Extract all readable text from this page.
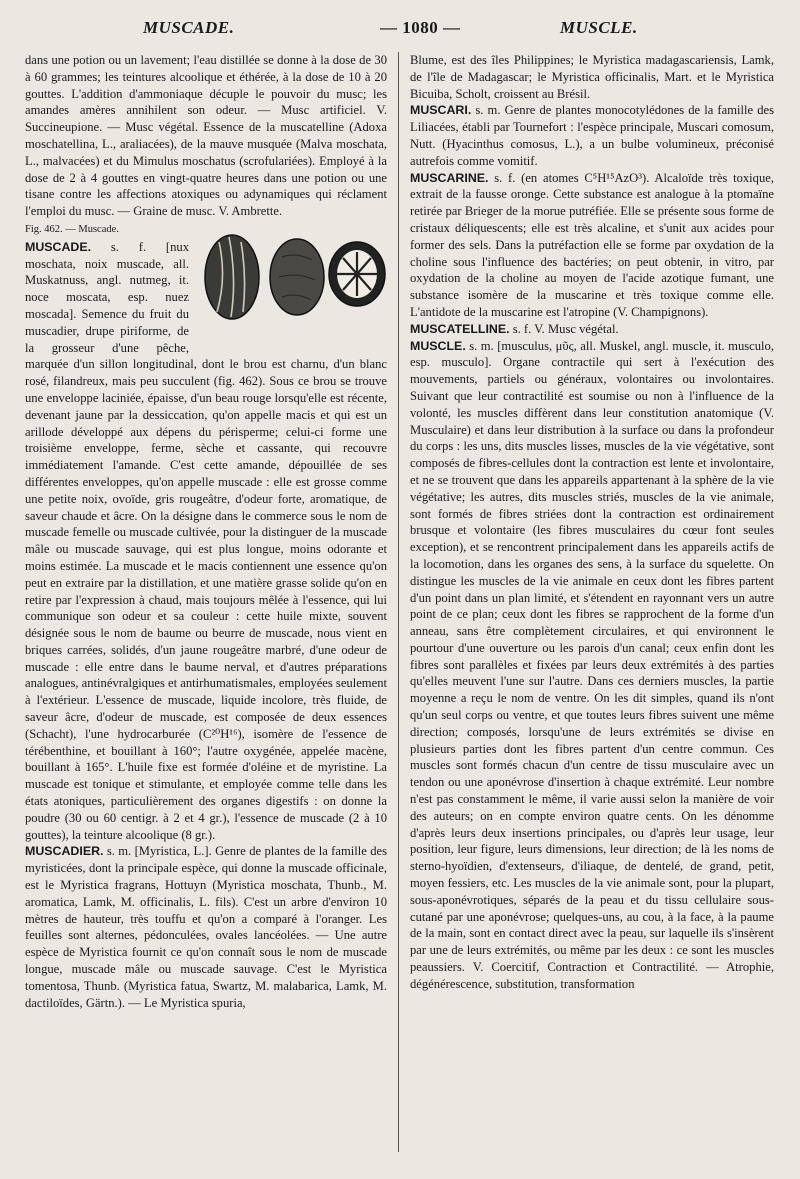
MUSCADE.	— 1080 —	MUSCLE.

dans une potion ou un lavement; l'eau distillée se donne à la dose de 30 à 60 grammes; les teintures alcoolique et éthérée, à la dose de 10 à 20 gouttes. L'addition d'ammoniaque décuple le pouvoir du musc; les amandes amères annihilent son odeur. — Musc artificiel. V. Succineupione. — Musc végétal. Essence de la muscatelline (Adoxa moschatellina, L., araliacées), de la mauve musquée (Malva moschata, L., malvacées) et du Mimulus moschatus (scrofulariées). Employé à la dose de 2 à 4 gouttes en vingt-quatre heures dans une potion ou une tisane contre les affections atoxiques ou adynamiques qui réclament l'emploi du musc. — Graine de musc. V. Ambrette.

Fig. 462. — Muscade.
MUSCADE. s. f. [nux moschata, noix muscade, all. Muskatnuss, angl. nutmeg, it. noce moscata, esp. nuez moscada]. Semence du fruit du muscadier, drupe piriforme, de la grosseur d'une pêche, marquée d'un sillon longitudinal, dont le brou est charnu, d'un blanc rosé, filandreux, mais peu succulent (fig. 462). Sous ce brou se trouve une enveloppe laciniée, épaisse, d'un beau rouge lorsqu'elle est récente, devenant jaune par la dessiccation, qu'on appelle macis et qui est un arillode développé aux dépens du périsperme; celui-ci forme une troisième enveloppe, ferme, sèche et cassante, qui recouvre immédiatement l'amande. C'est cette amande, dépouillée de ses différentes enveloppes, qu'on appelle muscade : elle est grosse comme une petite noix, ovoïde, gris rougeâtre, d'odeur forte, aromatique, de saveur chaude et âcre. On la désigne dans le commerce sous le nom de muscade femelle ou muscade cultivée, pour la distinguer de la muscade mâle ou muscade sauvage, qui est plus longue, moins odorante et moins estimée. La muscade et le macis contiennent une essence qu'on peut en extraire par la distillation, et une matière grasse solide qu'on en retire par l'expression à chaud, mais toujours mêlée à l'essence, qui lui communique son odeur et sa couleur : cette huile mixte, souvent désignée sous le nom de baume ou beurre de muscade, nous vient en briques carrées, solidés, d'un jaune rougeâtre marbré, d'une odeur de muscade : elle entre dans le baume nerval, et d'autres préparations analogues, antinévralgiques et antirhumatismales, employées seulement à l'extérieur. L'essence de muscade, liquide incolore, très fluide, de saveur âcre, d'odeur de muscade, est composée de deux essences (Schacht), l'une hydrocarburée (C²⁰H¹⁶), isomère de l'essence de térébenthine, et bouillant à 160°; l'autre oxygénée, appelée macène, bouillant à 165°. L'huile fixe est formée d'oléine et de myristine. La muscade est tonique et stimulante, et employée comme telle dans les états atoniques, particulièrement des organes digestifs : on donne la poudre (30 ou 60 centigr. à 2 et 4 gr.), l'essence de muscade (2 à 10 gouttes), la teinture alcoolique (8 gr.).

MUSCADIER. s. m. [Myristica, L.]. Genre de plantes de la famille des myristicées, dont la principale espèce, qui donne la muscade officinale, est le Myristica fragrans, Hottuyn (Myristica moschata, Thunb., M. aromatica, Lamk, M. officinalis, L. fils). C'est un arbre d'environ 10 mètres de hauteur, très touffu et qu'on a comparé à l'oranger. Les feuilles sont alternes, pédonculées, ovales lancéolées. — Une autre espèce de Myristica fournit ce qu'on connaît sous le nom de muscade longue, muscade mâle ou muscade sauvage. C'est le Myristica tomentosa, Thunb. (Myristica fatua, Swartz, M. malabarica, Lamk, M. dactiloïdes, Gärtn.). — Le Myristica spuria,

Blume, est des îles Philippines; le Myristica madagascariensis, Lamk, de l'île de Madagascar; le Myristica officinalis, Mart. et le Myristica Bicuiba, Scholt, croissent au Brésil.

MUSCARI. s. m. Genre de plantes monocotylédones de la famille des Liliacées, établi par Tournefort : l'espèce principale, Muscari comosum, Nutt. (Hyacinthus comosus, L.), a un bulbe volumineux, préconisé autrefois comme vomitif.

MUSCARINE. s. f. (en atomes C⁵H¹⁵AzO³). Alcaloïde très toxique, extrait de la fausse oronge. Cette substance est analogue à la ptomaïne retirée par Brieger de la morue putréfiée. Elle se présente sous forme de cristaux déliquescents; elle est très alcaline, et s'unit aux acides pour former des sels. Dans la putréfaction elle se forme par oxydation de la choline sous l'influence des bactéries; on peut obtenir, in vitro, par oxydation de la choline au moyen de l'acide azotique fumant, une substance isomère de la muscarine et très toxique comme elle. L'antidote de la muscarine est l'atropine (V. Champignons).

MUSCATELLINE. s. f. V. Musc végétal.

MUSCLE. s. m. [musculus, μῦς, all. Muskel, angl. muscle, it. musculo, esp. musculo]. Organe contractile qui sert à l'exécution des mouvements, partiels ou généraux, volontaires ou involontaires. Suivant que leur contractilité est soumise ou non à l'influence de la volonté, les muscles diffèrent dans leur constitution anatomique (V. Musculaire) et dans leur distribution à la surface ou dans la profondeur du corps : les uns, dits muscles lisses, muscles de la vie végétative, sont composés de fibres-cellules dont la contraction est lente et involontaire, et ne se trouvent que dans les appareils appartenant à la sphère de la vie végétative; les autres, dits muscles striés, muscles de la vie animale, sont formés de fibres striées dont la contraction est ordinairement brusque et volontaire (les fibres musculaires du cœur font seules exception), et se rencontrent principalement dans les appareils actifs de la locomotion, dans les organes des sens, à la surface du squelette. On distingue les muscles de la vie animale en ceux dont les fibres partent d'un point dans un plan limité, et s'étendent en rayonnant vers un autre point de ce plan; ceux dont les fibres se rapprochent de la forme d'un anneau, sans être complètement circulaires, et qui environnent le pourtour d'une ouverture ou les parois d'un canal; ceux enfin dont les fibres sont parallèles et fixées par leurs deux extrémités à des parties qu'elles meuvent l'une sur l'autre. Dans ces derniers muscles, la partie moyenne a reçu le nom de ventre. On les dit simples, quand ils n'ont qu'un seul corps ou ventre, et que toutes leurs fibres suivent une même direction; composés, lorsqu'une de leurs extrémités se divise en plusieurs parties dont les fibres partent d'un centre commun. Ces muscles sont formés chacun d'un centre de tissu musculaire avec un tendon ou une aponévrose d'insertion à chaque extrémité. Leur nombre n'est pas constamment le même, il varie aussi selon la manière de voir des auteurs; on en compte environ quatre cents. On les dénomme d'après leurs deux insertions principales, ou d'après leur usage, leur position, leur figure, leurs dimensions, leur direction; de là les noms de sterno-hyoïdien, d'extenseurs, d'iliaque, de dentelé, de grand, petit, moyen fessiers, etc. Les muscles de la vie animale sont, pour la plupart, sous-aponévrotiques, séparés de la peau et du tissu cellulaire sous-cutané par une aponévrose; quelques-uns, au cou, à la face, à la paume de la main, sont en contact direct avec la peau, sur laquelle ils s'insèrent par une de leurs extrémités, ou même par les deux : ce sont les muscles peaussiers. V. Coercitif, Contraction et Contractilité. — Atrophie, dégénérescence, substitution, transformation
